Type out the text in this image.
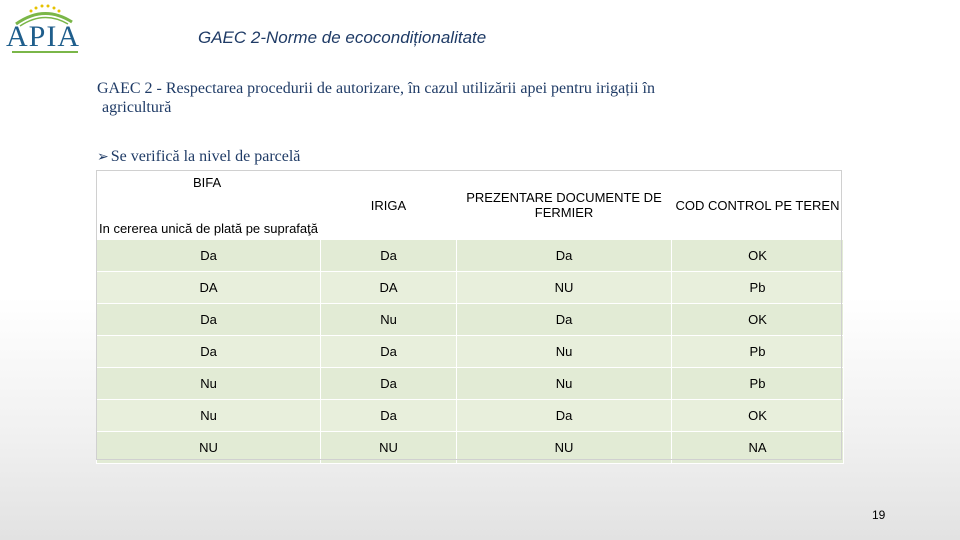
APIA	GAEC 2-Norme de ecocondiționalitate
GAEC 2 - Respectarea procedurii de autorizare, în cazul utilizării apei pentru irigații în
agricultură
➢ Se verifică la nivel de parcelă
BIFA
In cererea unică de plată pe suprafaţă	IRIGA	PREZENTARE DOCUMENTE DE FERMIER	COD CONTROL PE TEREN
Da	Da	Da	OK
DA	DA	NU	Pb
Da	Nu	Da	OK
Da	Da	Nu	Pb
Nu	Da	Nu	Pb
Nu	Da	Da	OK
NU	NU	NU	NA
19
